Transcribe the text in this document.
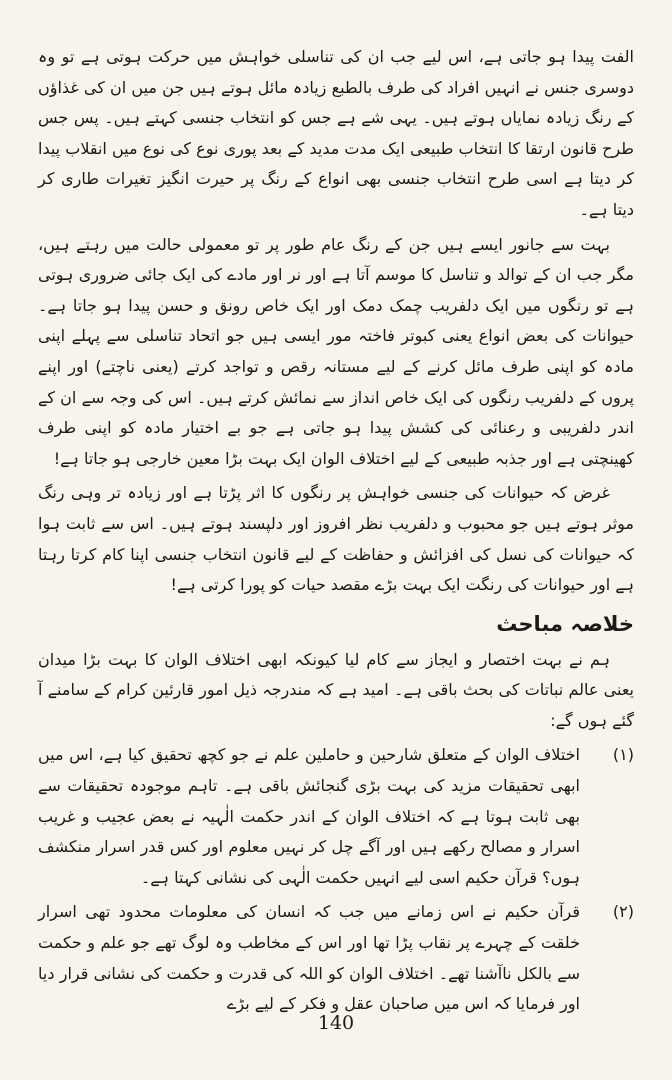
الفت پیدا ہو جاتی ہے، اس لیے جب ان کی تناسلی خواہش میں حرکت ہوتی ہے تو وہ دوسری جنس نے انہیں افراد کی طرف بالطبع زیادہ مائل ہوتے ہیں جن میں ان کی غذاؤں کے رنگ زیادہ نمایاں ہوتے ہیں۔ یہی شے ہے جس کو انتخاب جنسی کہتے ہیں۔ پس جس طرح قانون ارتقا کا انتخاب طبیعی ایک مدت مدید کے بعد پوری نوع کی نوع میں انقلاب پیدا کر دیتا ہے اسی طرح انتخاب جنسی بھی انواع کے رنگ پر حیرت انگیز تغیرات طاری کر دیتا ہے۔

بہت سے جانور ایسے ہیں جن کے رنگ عام طور پر تو معمولی حالت میں رہتے ہیں، مگر جب ان کے توالد و تناسل کا موسم آتا ہے اور نر اور مادے کی ایک جائی ضروری ہوتی ہے تو رنگوں میں ایک دلفریب چمک دمک اور ایک خاص رونق و حسن پیدا ہو جاتا ہے۔ حیوانات کی بعض انواع یعنی کبوتر فاختہ مور ایسی ہیں جو اتحاد تناسلی سے پہلے اپنی مادہ کو اپنی طرف مائل کرنے کے لیے مستانہ رقص و تواجد کرتے (یعنی ناچتے) اور اپنے پروں کے دلفریب رنگوں کی ایک خاص انداز سے نمائش کرتے ہیں۔ اس کی وجہ سے ان کے اندر دلفریبی و رعنائی کی کشش پیدا ہو جاتی ہے جو بے اختیار مادہ کو اپنی طرف کھینچتی ہے اور جذبہ طبیعی کے لیے اختلاف الوان ایک بہت بڑا معین خارجی ہو جاتا ہے!

غرض کہ حیوانات کی جنسی خواہش پر رنگوں کا اثر پڑتا ہے اور زیادہ تر وہی رنگ موثر ہوتے ہیں جو محبوب و دلفریب نظر افروز اور دلپسند ہوتے ہیں۔ اس سے ثابت ہوا کہ حیوانات کی نسل کی افزائش و حفاظت کے لیے قانون انتخاب جنسی اپنا کام کرتا رہتا ہے اور حیوانات کی رنگت ایک بہت بڑے مقصد حیات کو پورا کرتی ہے!

خلاصہ مباحث

ہم نے بہت اختصار و ایجاز سے کام لیا کیونکہ ابھی اختلاف الوان کا بہت بڑا میدان یعنی عالم نباتات کی بحث باقی ہے۔ امید ہے کہ مندرجہ ذیل امور قارئین کرام کے سامنے آ گئے ہوں گے:

(۱)

اختلاف الوان کے متعلق شارحین و حاملین علم نے جو کچھ تحقیق کیا ہے، اس میں ابھی تحقیقات مزید کی بہت بڑی گنجائش باقی ہے۔ تاہم موجودہ تحقیقات سے بھی ثابت ہوتا ہے کہ اختلاف الوان کے اندر حکمت الٰہیہ نے بعض عجیب و غریب اسرار و مصالح رکھے ہیں اور آگے چل کر نہیں معلوم اور کس قدر اسرار منکشف ہوں؟ قرآن حکیم اسی لیے انہیں حکمت الٰہی کی نشانی کہتا ہے۔

(۲)

قرآن حکیم نے اس زمانے میں جب کہ انسان کی معلومات محدود تھی اسرار خلقت کے چہرے پر نقاب پڑا تھا اور اس کے مخاطب وہ لوگ تھے جو علم و حکمت سے بالکل ناآشنا تھے۔ اختلاف الوان کو اللہ کی قدرت و حکمت کی نشانی قرار دیا اور فرمایا کہ اس میں صاحبان عقل و فکر کے لیے بڑے

140
